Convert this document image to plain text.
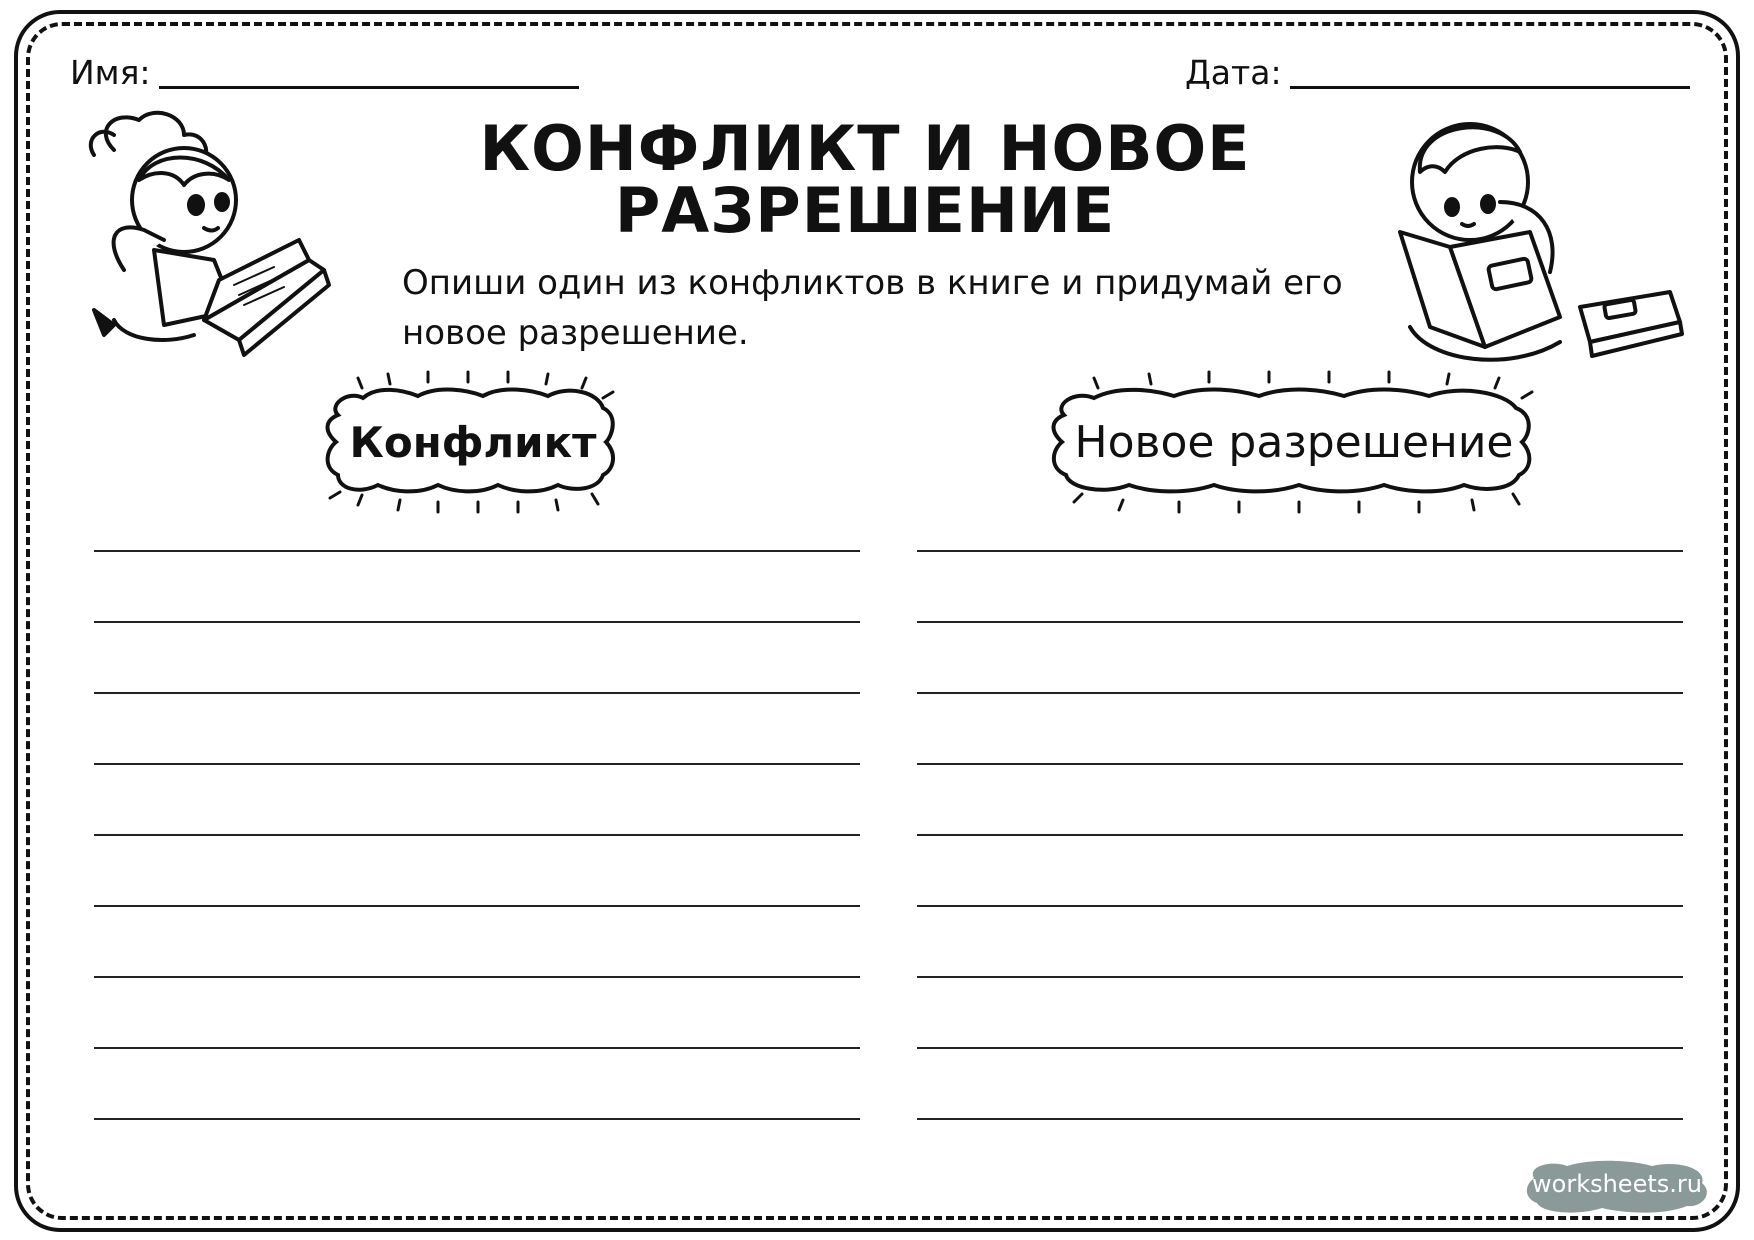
Имя:	Дата:
КОНФЛИКТ И НОВОЕ РАЗРЕШЕНИЕ
Опиши один из конфликтов в книге и придумай его
новое разрешение.
Конфликт	Новое разрешение
worksheets.ru
